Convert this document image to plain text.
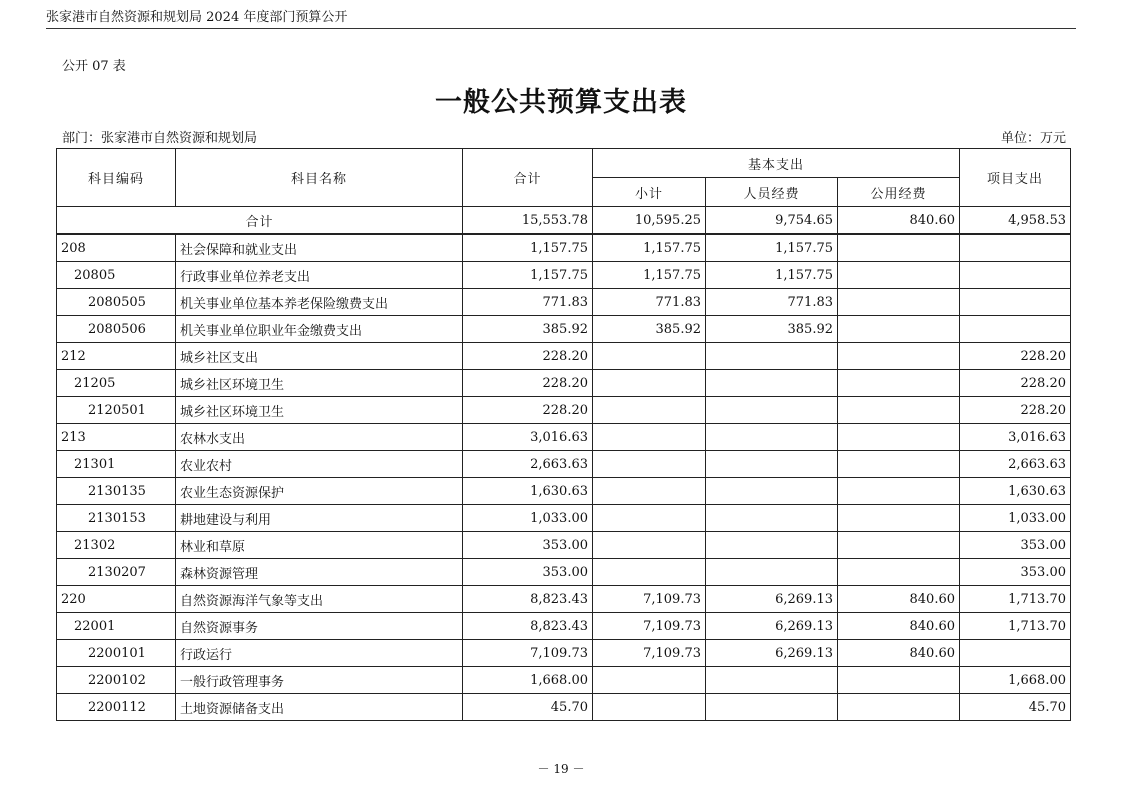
张家港市自然资源和规划局 2024 年度部门预算公开
公开 07 表
一般公共预算支出表
部门：张家港市自然资源和规划局	单位：万元
科目编码	科目名称	合计	基本支出			项目支出
			小计	人员经费	公用经费	
合计		15,553.78	10,595.25	9,754.65	840.60	4,958.53
208	社会保障和就业支出	1,157.75	1,157.75	1,157.75		
20805	行政事业单位养老支出	1,157.75	1,157.75	1,157.75		
2080505	机关事业单位基本养老保险缴费支出	771.83	771.83	771.83		
2080506	机关事业单位职业年金缴费支出	385.92	385.92	385.92		
212	城乡社区支出	228.20				228.20
21205	城乡社区环境卫生	228.20				228.20
2120501	城乡社区环境卫生	228.20				228.20
213	农林水支出	3,016.63				3,016.63
21301	农业农村	2,663.63				2,663.63
2130135	农业生态资源保护	1,630.63				1,630.63
2130153	耕地建设与利用	1,033.00				1,033.00
21302	林业和草原	353.00				353.00
2130207	森林资源管理	353.00				353.00
220	自然资源海洋气象等支出	8,823.43	7,109.73	6,269.13	840.60	1,713.70
22001	自然资源事务	8,823.43	7,109.73	6,269.13	840.60	1,713.70
2200101	行政运行	7,109.73	7,109.73	6,269.13	840.60	
2200102	一般行政管理事务	1,668.00				1,668.00
2200112	土地资源储备支出	45.70				45.70
－ 19 －
